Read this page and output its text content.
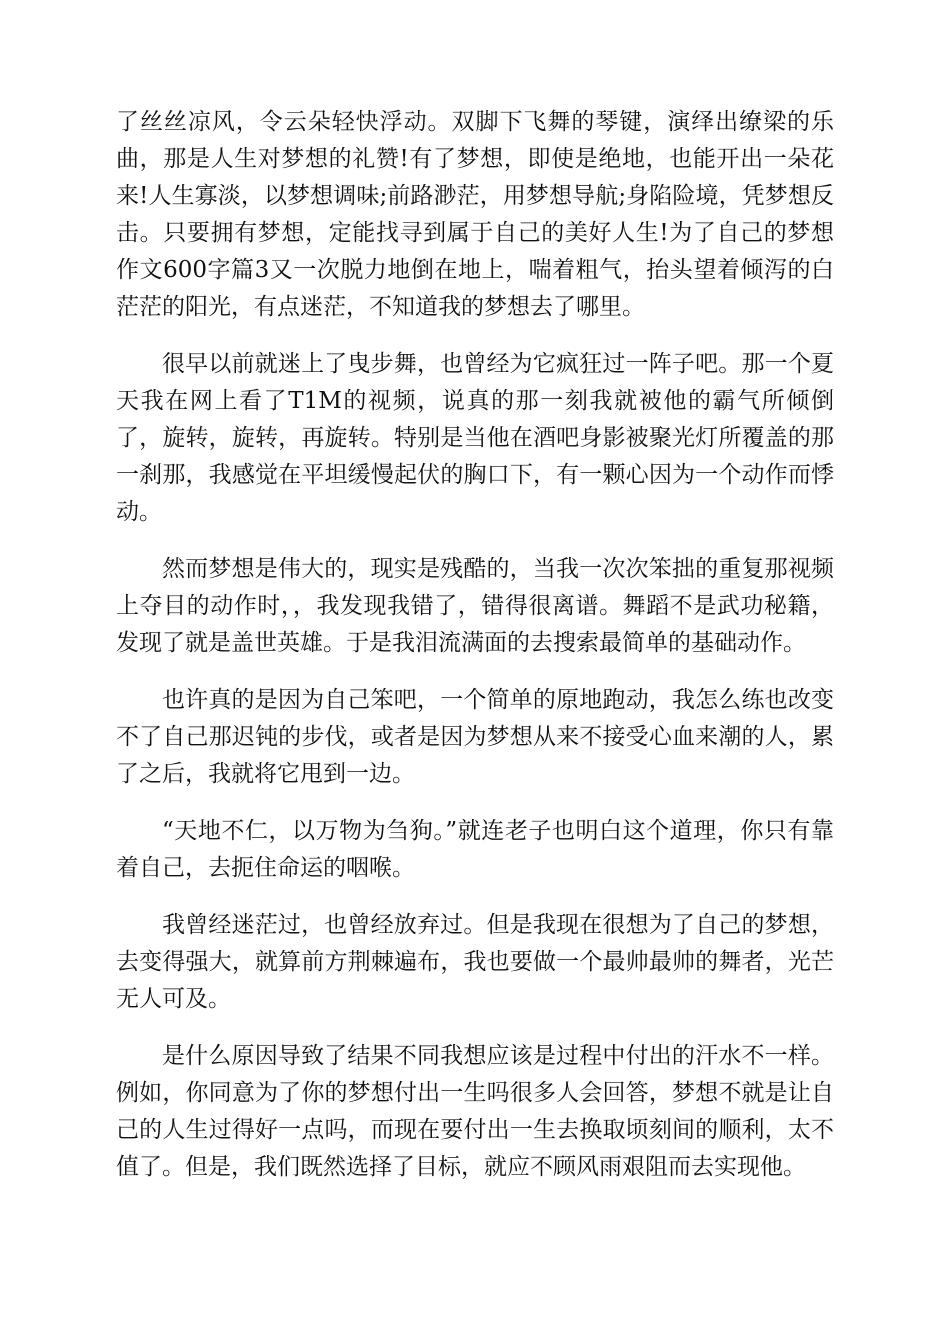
了丝丝凉风，令云朵轻快浮动。双脚下飞舞的琴键，演绎出缭梁的乐曲，那是人生对梦想的礼赞!有了梦想，即使是绝地，也能开出一朵花来!人生寡淡，以梦想调味;前路渺茫，用梦想导航;身陷险境，凭梦想反击。只要拥有梦想，定能找寻到属于自己的美好人生!为了自己的梦想作文600字篇3又一次脱力地倒在地上，喘着粗气，抬头望着倾泻的白茫茫的阳光，有点迷茫，不知道我的梦想去了哪里。

很早以前就迷上了曳步舞，也曾经为它疯狂过一阵子吧。那一个夏天我在网上看了T1M的视频，说真的那一刻我就被他的霸气所倾倒了，旋转，旋转，再旋转。特别是当他在酒吧身影被聚光灯所覆盖的那一刹那，我感觉在平坦缓慢起伏的胸口下，有一颗心因为一个动作而悸动。

然而梦想是伟大的，现实是残酷的，当我一次次笨拙的重复那视频上夺目的动作时，，我发现我错了，错得很离谱。舞蹈不是武功秘籍，发现了就是盖世英雄。于是我泪流满面的去搜索最简单的基础动作。

也许真的是因为自己笨吧，一个简单的原地跑动，我怎么练也改变不了自己那迟钝的步伐，或者是因为梦想从来不接受心血来潮的人，累了之后，我就将它甩到一边。

“天地不仁，以万物为刍狗。”就连老子也明白这个道理，你只有靠着自己，去扼住命运的咽喉。

我曾经迷茫过，也曾经放弃过。但是我现在很想为了自己的梦想，去变得强大，就算前方荆棘遍布，我也要做一个最帅最帅的舞者，光芒无人可及。

是什么原因导致了结果不同我想应该是过程中付出的汗水不一样。例如，你同意为了你的梦想付出一生吗很多人会回答，梦想不就是让自己的人生过得好一点吗，而现在要付出一生去换取顷刻间的顺利，太不值了。但是，我们既然选择了目标，就应不顾风雨艰阻而去实现他。
